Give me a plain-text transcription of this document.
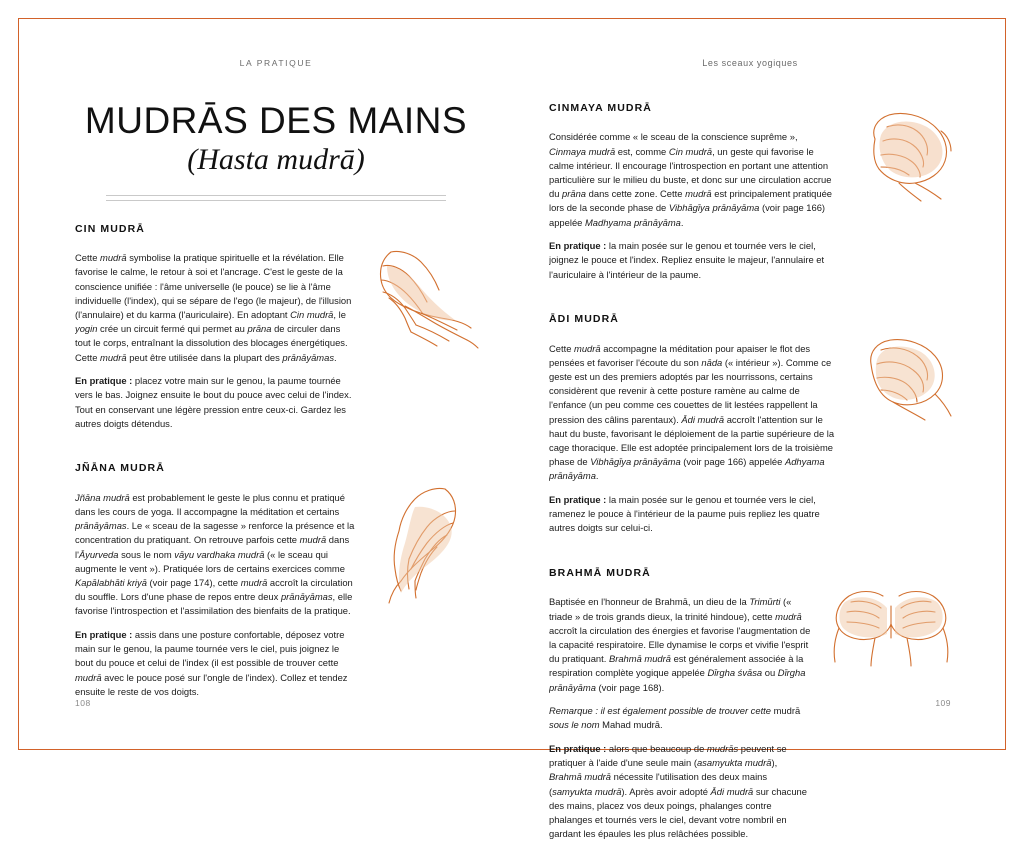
LA PRATIQUE
MUDRĀS DES MAINS
(Hasta mudrā)
CIN MUDRĀ

Cette mudrā symbolise la pratique spirituelle et la révélation. Elle favorise le calme, le retour à soi et l'ancrage. C'est le geste de la conscience unifiée : l'âme universelle (le pouce) se lie à l'âme individuelle (l'index), qui se sépare de l'ego (le majeur), de l'illusion (l'annulaire) et du karma (l'auriculaire). En adoptant Cin mudrā, le yogin crée un circuit fermé qui permet au prāna de circuler dans tout le corps, entraînant la dissolution des blocages énergétiques. Cette mudrā peut être utilisée dans la plupart des prānāyāmas.

En pratique : placez votre main sur le genou, la paume tournée vers le bas. Joignez ensuite le bout du pouce avec celui de l'index. Tout en conservant une légère pression entre ceux-ci. Gardez les autres doigts détendus.

JÑĀNA MUDRĀ

Jñāna mudrā est probablement le geste le plus connu et pratiqué dans les cours de yoga. Il accompagne la méditation et certains prānāyāmas. Le « sceau de la sagesse » renforce la présence et la concentration du pratiquant. On retrouve parfois cette mudrā dans l'Āyurveda sous le nom vāyu vardhaka mudrā (« le sceau qui augmente le vent »). Pratiquée lors de certains exercices comme Kapālabhāti kriyā (voir page 174), cette mudrā accroît la circulation du souffle. Lors d'une phase de repos entre deux prānāyāmas, elle favorise l'introspection et l'assimilation des bienfaits de la pratique.

En pratique : assis dans une posture confortable, déposez votre main sur le genou, la paume tournée vers le ciel, puis joignez le bout du pouce et celui de l'index (il est possible de trouver cette mudrā avec le pouce posé sur l'ongle de l'index). Collez et tendez ensuite le reste de vos doigts.

108
Les sceaux yogiques
CINMAYA MUDRĀ

Considérée comme « le sceau de la conscience suprême », Cinmaya mudrā est, comme Cin mudrā, un geste qui favorise le calme intérieur. Il encourage l'introspection en portant une attention particulière sur le milieu du buste, et donc sur une circulation accrue du prāna dans cette zone. Cette mudrā est principalement pratiquée lors de la seconde phase de Vibhāgīya prānāyāma (voir page 166) appelée Madhyama prānāyāma.

En pratique : la main posée sur le genou et tournée vers le ciel, joignez le pouce et l'index. Repliez ensuite le majeur, l'annulaire et l'auriculaire à l'intérieur de la paume.

ĀDI MUDRĀ

Cette mudrā accompagne la méditation pour apaiser le flot des pensées et favoriser l'écoute du son nāda (« intérieur »). Comme ce geste est un des premiers adoptés par les nourrissons, certains considèrent que revenir à cette posture ramène au calme de l'enfance (un peu comme ces couettes de lit lestées rappellent la pression des câlins parentaux). Ādi mudrā accroît l'attention sur le haut du buste, favorisant le déploiement de la partie supérieure de la cage thoracique. Elle est adoptée principalement lors de la troisième phase de Vibhāgīya prānāyāma (voir page 166) appelée Adhyama prānāyāma.

En pratique : la main posée sur le genou et tournée vers le ciel, ramenez le pouce à l'intérieur de la paume puis repliez les quatre autres doigts sur celui-ci.

BRAHMĀ MUDRĀ

Baptisée en l'honneur de Brahmā, un dieu de la Trimūrti (« triade » de trois grands dieux, la trinité hindoue), cette mudrā accroît la circulation des énergies et favorise l'augmentation de la capacité respiratoire. Elle dynamise le corps et vivifie l'esprit du pratiquant. Brahmā mudrā est généralement associée à la respiration complète yogique appelée Dīrgha śvāsa ou Dīrgha prānāyāma (voir page 168).

Remarque : il est également possible de trouver cette mudrā sous le nom Mahad mudrā.

En pratique : alors que beaucoup de mudrās peuvent se pratiquer à l'aide d'une seule main (asamyukta mudrā), Brahmā mudrā nécessite l'utilisation des deux mains (samyukta mudrā). Après avoir adopté Ādi mudrā sur chacune des mains, placez vos deux poings, phalanges contre phalanges et tournés vers le ciel, devant votre nombril en gardant les épaules les plus relâchées possible.

109
